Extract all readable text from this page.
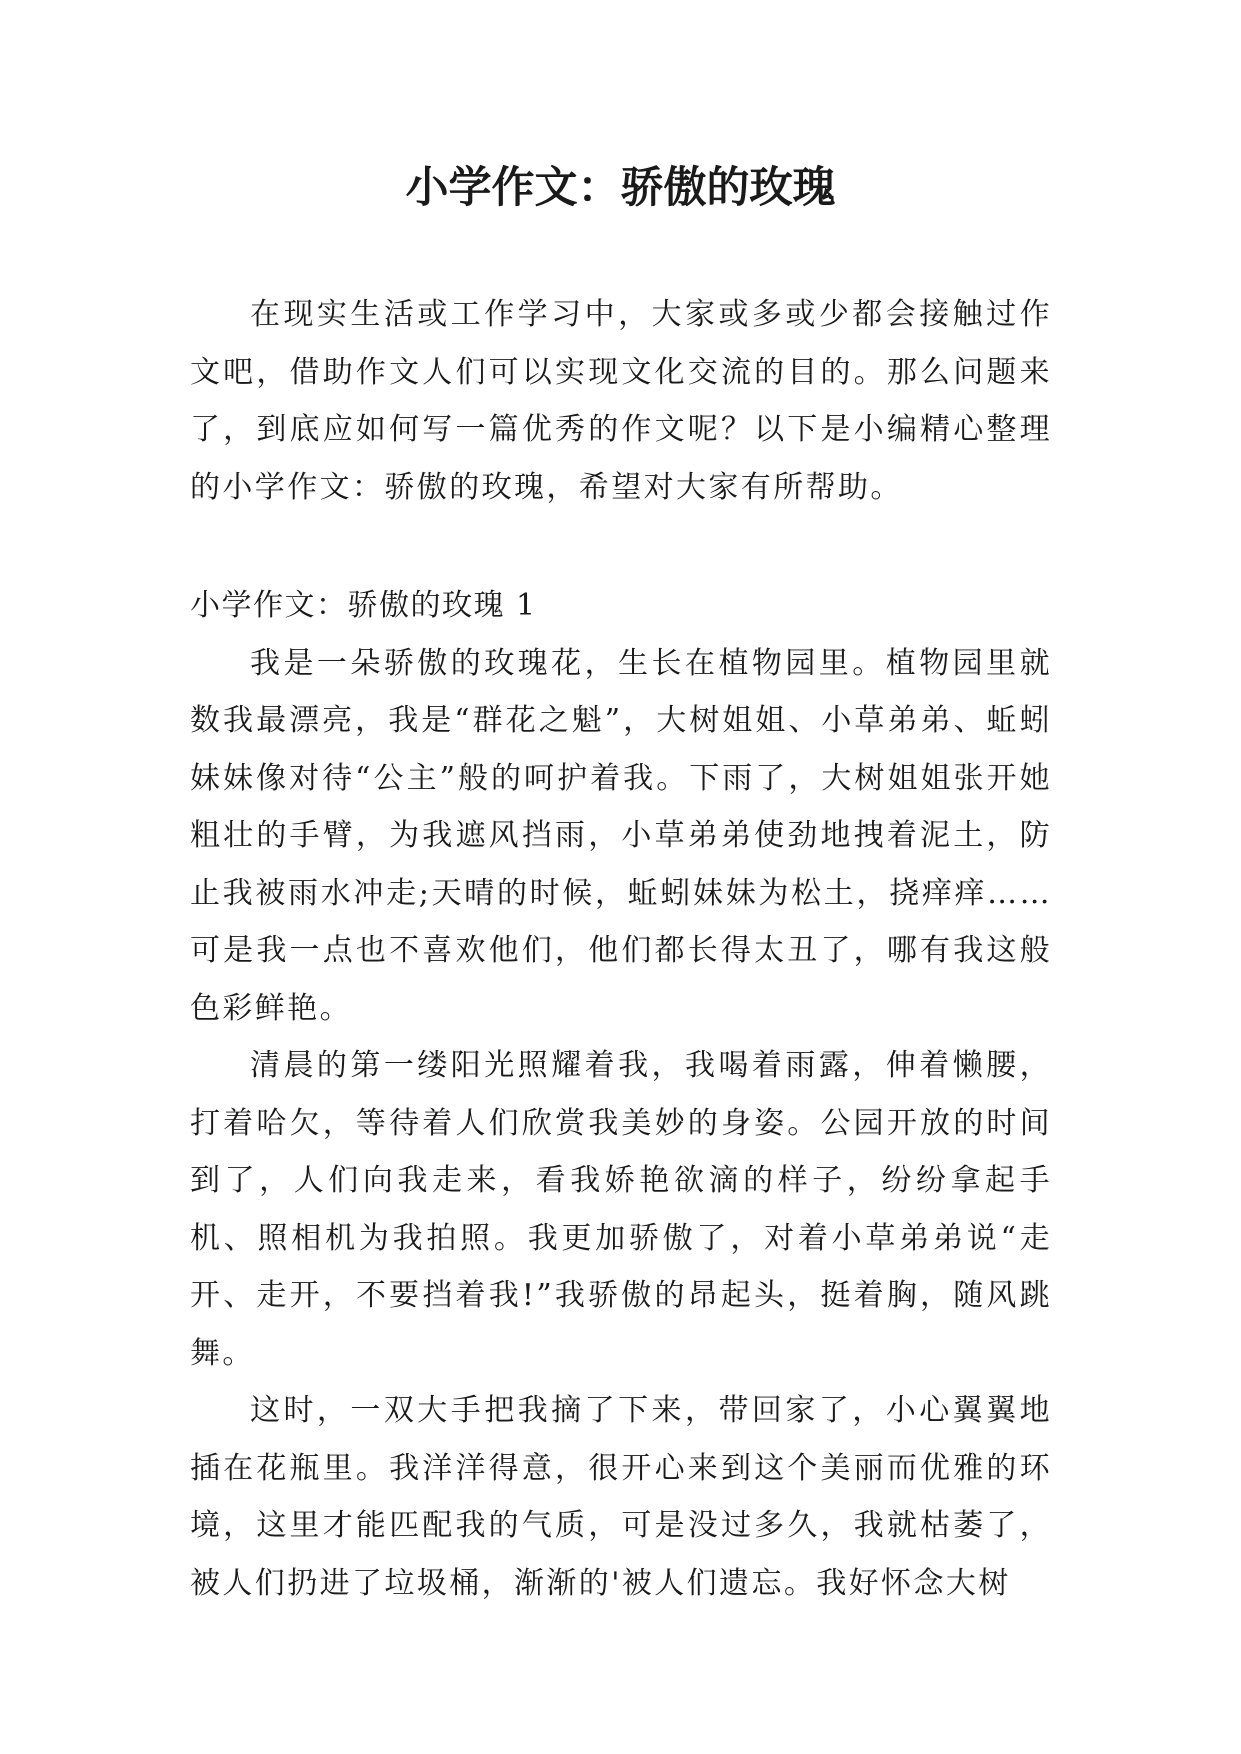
小学作文：骄傲的玫瑰

在现实生活或工作学习中，大家或多或少都会接触过作文吧，借助作文人们可以实现文化交流的目的。那么问题来了，到底应如何写一篇优秀的作文呢？以下是小编精心整理的小学作文：骄傲的玫瑰，希望对大家有所帮助。

小学作文：骄傲的玫瑰 1

我是一朵骄傲的玫瑰花，生长在植物园里。植物园里就数我最漂亮，我是“群花之魁”，大树姐姐、小草弟弟、蚯蚓妹妹像对待“公主”般的呵护着我。下雨了，大树姐姐张开她粗壮的手臂，为我遮风挡雨，小草弟弟使劲地拽着泥土，防止我被雨水冲走;天晴的时候，蚯蚓妹妹为松土，挠痒痒……可是我一点也不喜欢他们，他们都长得太丑了，哪有我这般色彩鲜艳。

清晨的第一缕阳光照耀着我，我喝着雨露，伸着懒腰，打着哈欠，等待着人们欣赏我美妙的身姿。公园开放的时间到了，人们向我走来，看我娇艳欲滴的样子，纷纷拿起手机、照相机为我拍照。我更加骄傲了，对着小草弟弟说“走开、走开，不要挡着我!”我骄傲的昂起头，挺着胸，随风跳舞。

这时，一双大手把我摘了下来，带回家了，小心翼翼地插在花瓶里。我洋洋得意，很开心来到这个美丽而优雅的环境，这里才能匹配我的气质，可是没过多久，我就枯萎了，被人们扔进了垃圾桶，渐渐的'被人们遗忘。我好怀念大树
